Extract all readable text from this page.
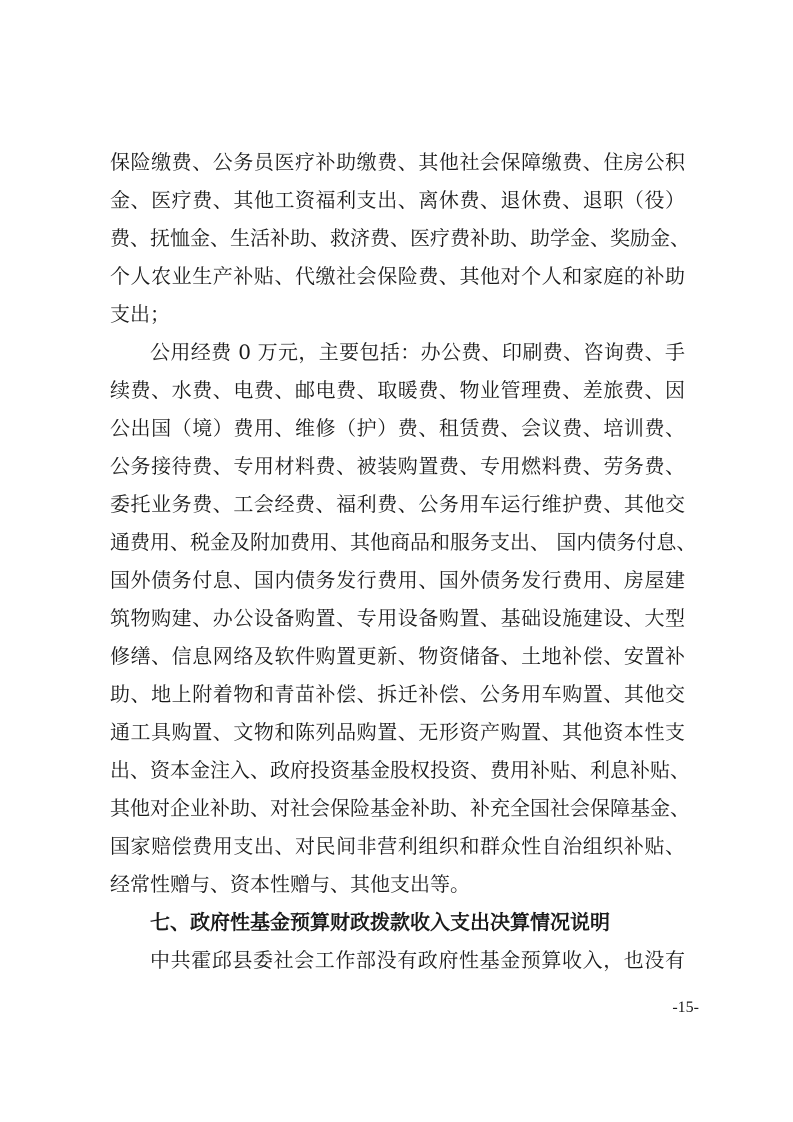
保险缴费、公务员医疗补助缴费、其他社会保障缴费、住房公积
金、医疗费、其他工资福利支出、离休费、退休费、退职（役）
费、抚恤金、生活补助、救济费、医疗费补助、助学金、奖励金、
个人农业生产补贴、代缴社会保险费、其他对个人和家庭的补助
支出；
公用经费 0 万元，主要包括：办公费、印刷费、咨询费、手
续费、水费、电费、邮电费、取暖费、物业管理费、差旅费、因
公出国（境）费用、维修（护）费、租赁费、会议费、培训费、
公务接待费、专用材料费、被装购置费、专用燃料费、劳务费、
委托业务费、工会经费、福利费、公务用车运行维护费、其他交
通费用、税金及附加费用、其他商品和服务支出、 国内债务付息、
国外债务付息、国内债务发行费用、国外债务发行费用、房屋建
筑物购建、办公设备购置、专用设备购置、基础设施建设、大型
修缮、信息网络及软件购置更新、物资储备、土地补偿、安置补
助、地上附着物和青苗补偿、拆迁补偿、公务用车购置、其他交
通工具购置、文物和陈列品购置、无形资产购置、其他资本性支
出、资本金注入、政府投资基金股权投资、费用补贴、利息补贴、
其他对企业补助、对社会保险基金补助、补充全国社会保障基金、
国家赔偿费用支出、对民间非营利组织和群众性自治组织补贴、
经常性赠与、资本性赠与、其他支出等。
七、政府性基金预算财政拨款收入支出决算情况说明
中共霍邱县委社会工作部没有政府性基金预算收入，也没有
-15-
